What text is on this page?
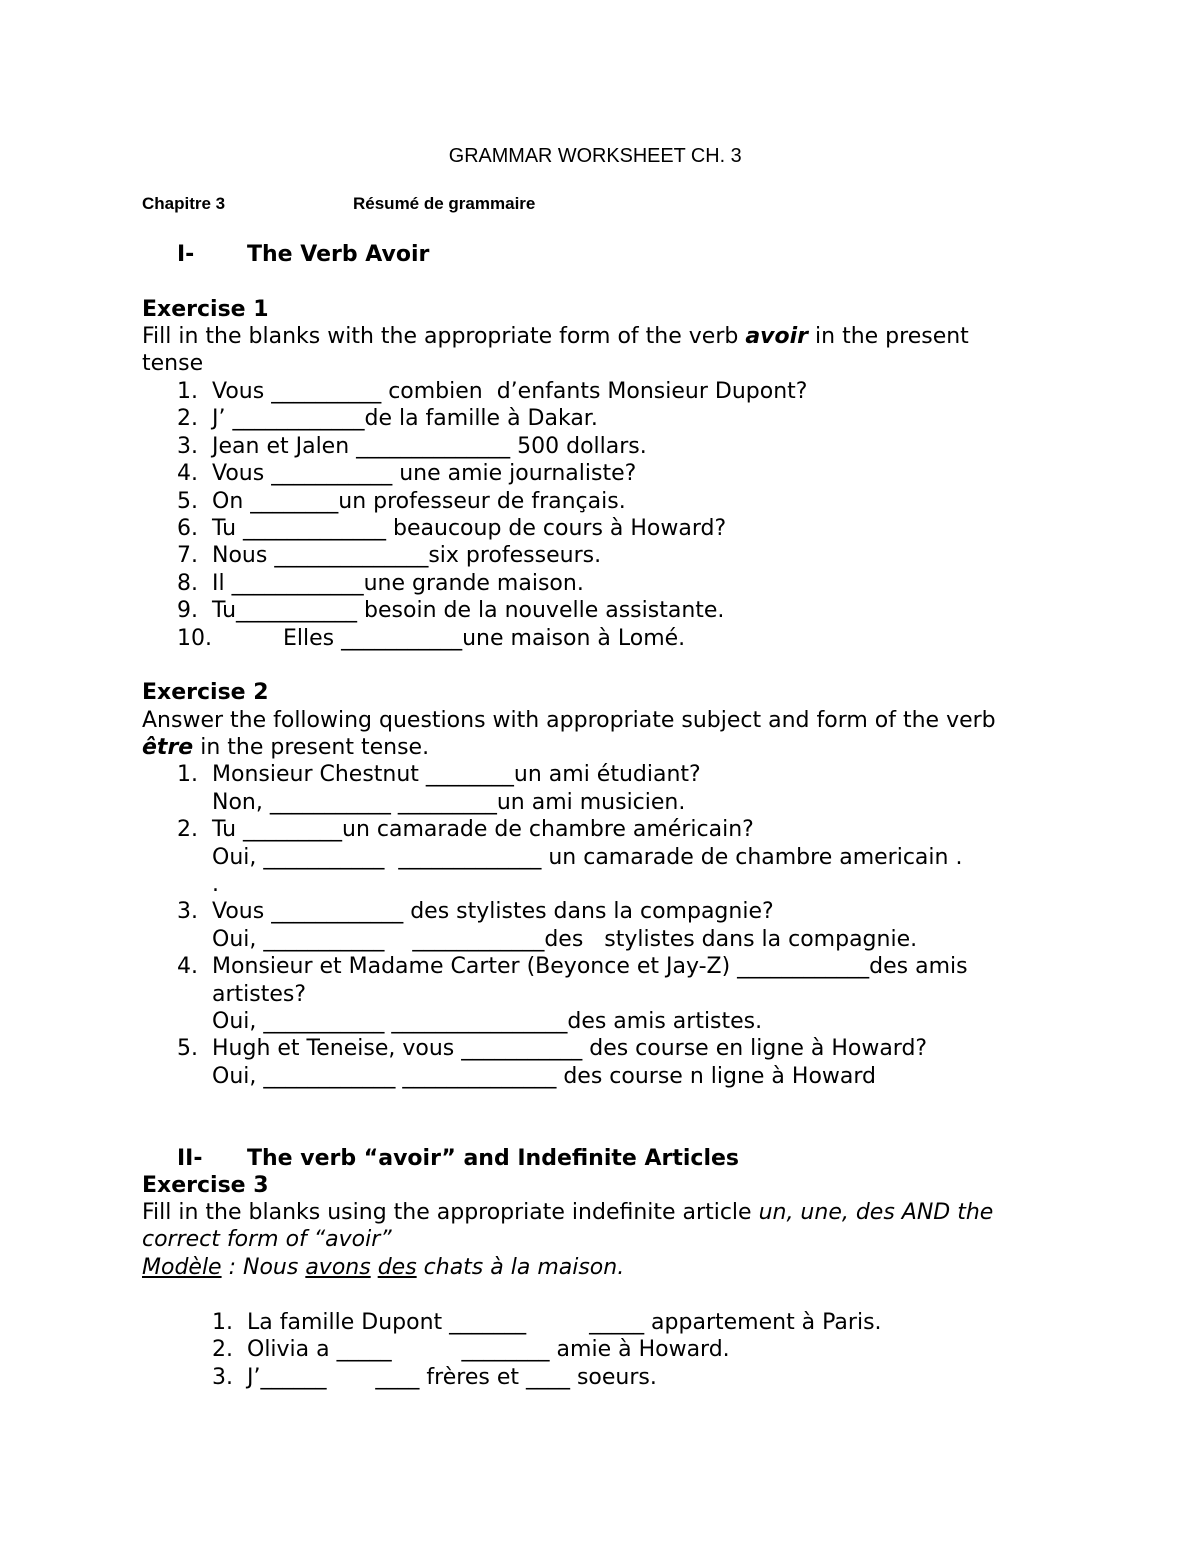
GRAMMAR WORKSHEET CH. 3
Chapitre 3	Résumé de grammaire
I- The Verb Avoir
Exercise 1
Fill in the blanks with the appropriate form of the verb avoir in the present
tense
1. Vous __________ combien  d’enfants Monsieur Dupont?
2. J’ ____________de la famille à Dakar.
3. Jean et Jalen ______________ 500 dollars.
4. Vous ___________ une amie journaliste?
5. On ________un professeur de français.
6. Tu _____________ beaucoup de cours à Howard?
7. Nous ______________six professeurs.
8. Il ____________une grande maison.
9. Tu___________ besoin de la nouvelle assistante.
10.	Elles ___________une maison à Lomé.
Exercise 2
Answer the following questions with appropriate subject and form of the verb
être in the present tense.
1. Monsieur Chestnut ________un ami étudiant?
Non, ___________ _________un ami musicien.
2. Tu _________un camarade de chambre américain?
Oui, ___________  _____________ un camarade de chambre americain .
.
3. Vous ____________ des stylistes dans la compagnie?
Oui, ___________    ____________des   stylistes dans la compagnie.
4. Monsieur et Madame Carter (Beyonce et Jay-Z) ____________des amis
artistes?
Oui, ___________ ________________des amis artistes.
5. Hugh et Teneise, vous ___________ des course en ligne à Howard?
Oui, ____________ ______________ des course n ligne à Howard
II- The verb “avoir” and Indefinite Articles
Exercise 3
Fill in the blanks using the appropriate indefinite article un, une, des AND the
correct form of “avoir”
Modèle : Nous avons des chats à la maison.
1. La famille Dupont _______         _____ appartement à Paris.
2. Olivia a _____          ________ amie à Howard.
3. J’______       ____ frères et ____ soeurs.
